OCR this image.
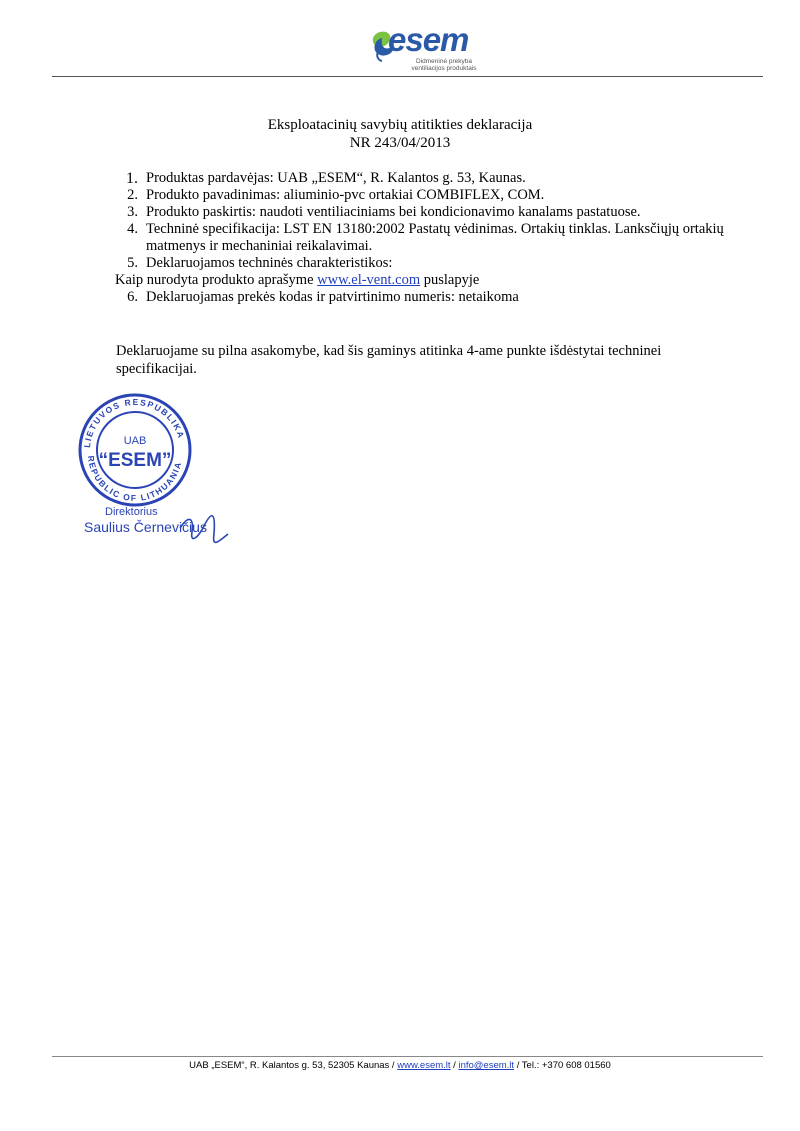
esem
Didmeninė prekyba
ventiliacijos produktais
Eksploatacinių savybių atitikties deklaracija
NR 243/04/2013
1. Produktas pardavėjas: UAB „ESEM“, R. Kalantos g. 53, Kaunas.
2. Produkto pavadinimas: aliuminio-pvc ortakiai COMBIFLEX, COM.
3. Produkto paskirtis: naudoti ventiliaciniams bei kondicionavimo kanalams pastatuose.
4. Techninė specifikacija: LST EN 13180:2002 Pastatų vėdinimas. Ortakių tinklas. Lanksčiųjų ortakių matmenys ir mechaniniai reikalavimai.
5. Deklaruojamos techninės charakteristikos:
Kaip nurodyta produkto aprašyme www.el-vent.com puslapyje
6. Deklaruojamas prekės kodas ir patvirtinimo numeris: netaikoma
Deklaruojame su pilna asakomybe, kad šis gaminys atitinka 4-ame punkte išdėstytai techninei specifikacijai.
LIETUVOS RESPUBLIKA
REPUBLIC OF LITHUANIA
UAB
“ESEM”
Direktorius
Saulius Černevičius
UAB „ESEM“, R. Kalantos g. 53, 52305 Kaunas / www.esem.lt / info@esem.lt / Tel.: +370 608 01560
